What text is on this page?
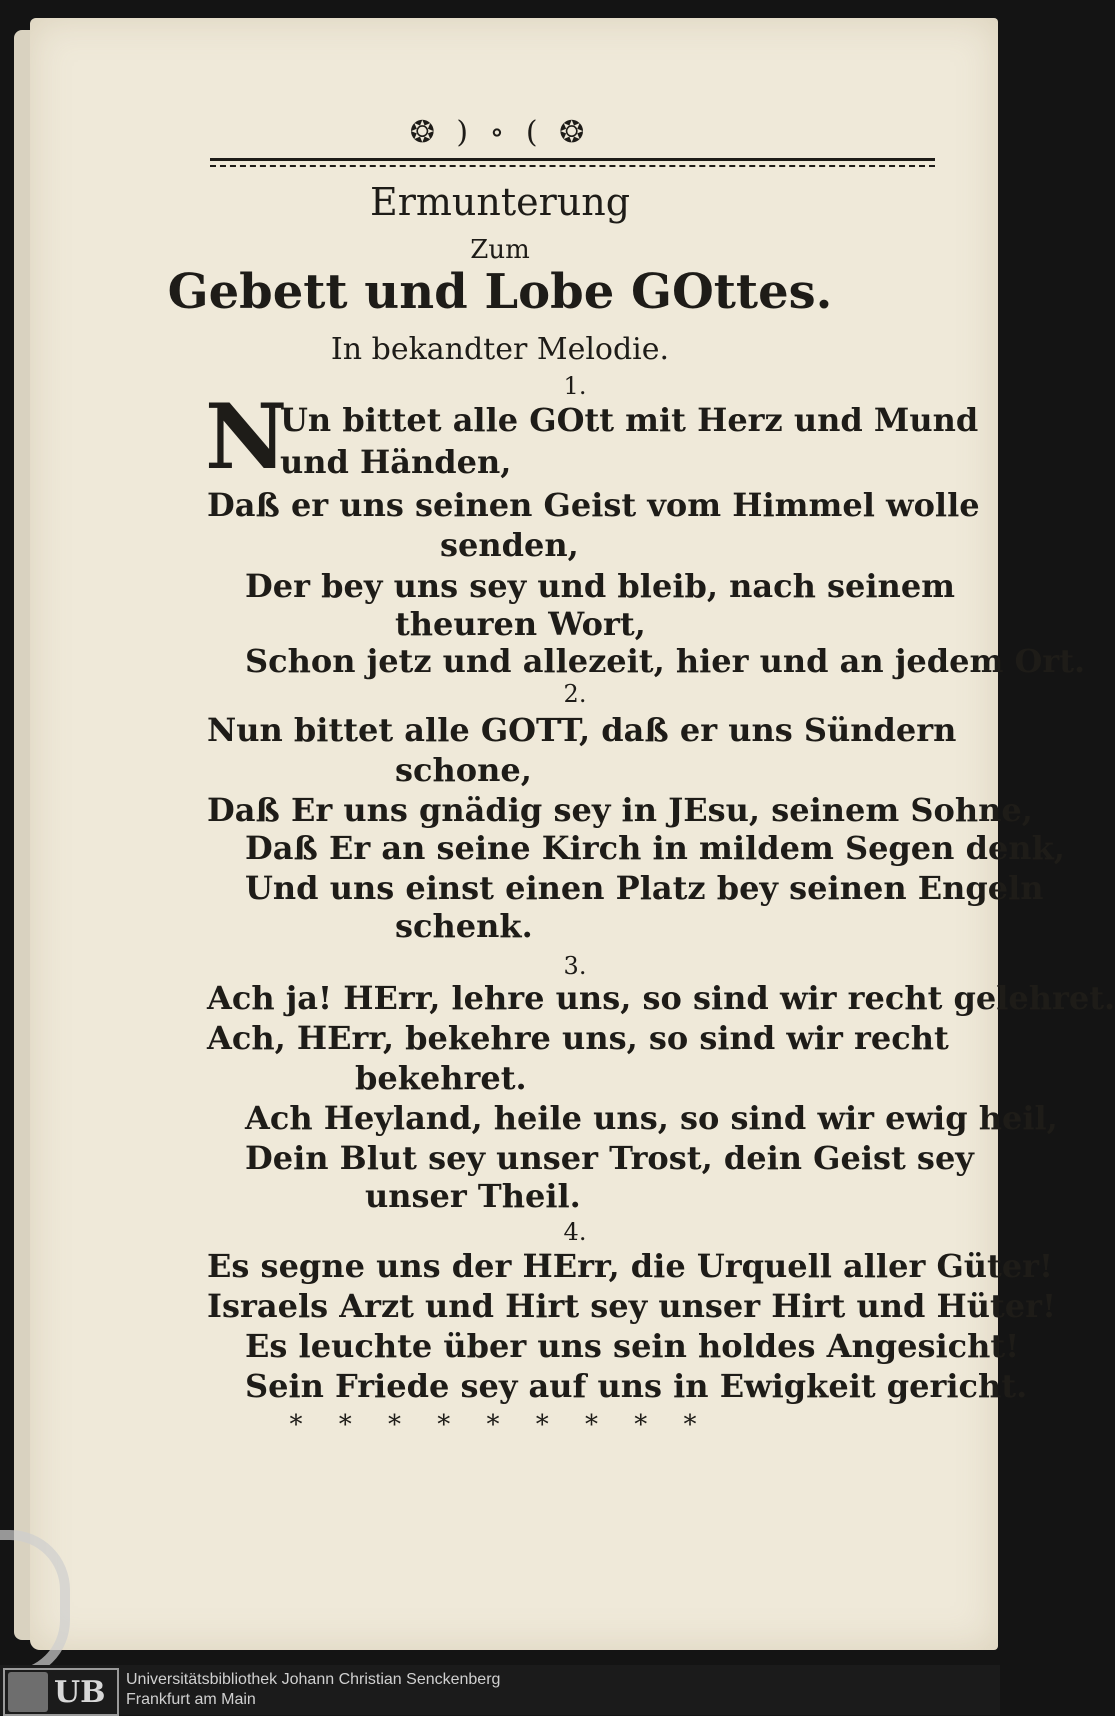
❂ ) ∘ ( ❂
Ermunterung
Zum
Gebett und Lobe GOttes.
In bekandter Melodie.
1.
N
Un bittet alle GOtt mit Herz und Mund
und Händen,
Daß er uns seinen Geist vom Himmel wolle
senden,
Der bey uns sey und bleib, nach seinem
theuren Wort,
Schon jetz und allezeit, hier und an jedem Ort.
2.
Nun bittet alle GOTT, daß er uns Sündern
schone,
Daß Er uns gnädig sey in JEsu, seinem Sohne,
Daß Er an seine Kirch in mildem Segen denk,
Und uns einst einen Platz bey seinen Engeln
schenk.
3.
Ach ja! HErr, lehre uns, so sind wir recht gelehret.
Ach, HErr, bekehre uns, so sind wir recht
bekehret.
Ach Heyland, heile uns, so sind wir ewig heil,
Dein Blut sey unser Trost, dein Geist sey
unser Theil.
4.
Es segne uns der HErr, die Urquell aller Güter!
Israels Arzt und Hirt sey unser Hirt und Hüter!
Es leuchte über uns sein holdes Angesicht!
Sein Friede sey auf uns in Ewigkeit gericht.
* * * * * * * * *
UB Universitätsbibliothek Johann Christian Senckenberg
Frankfurt am Main
